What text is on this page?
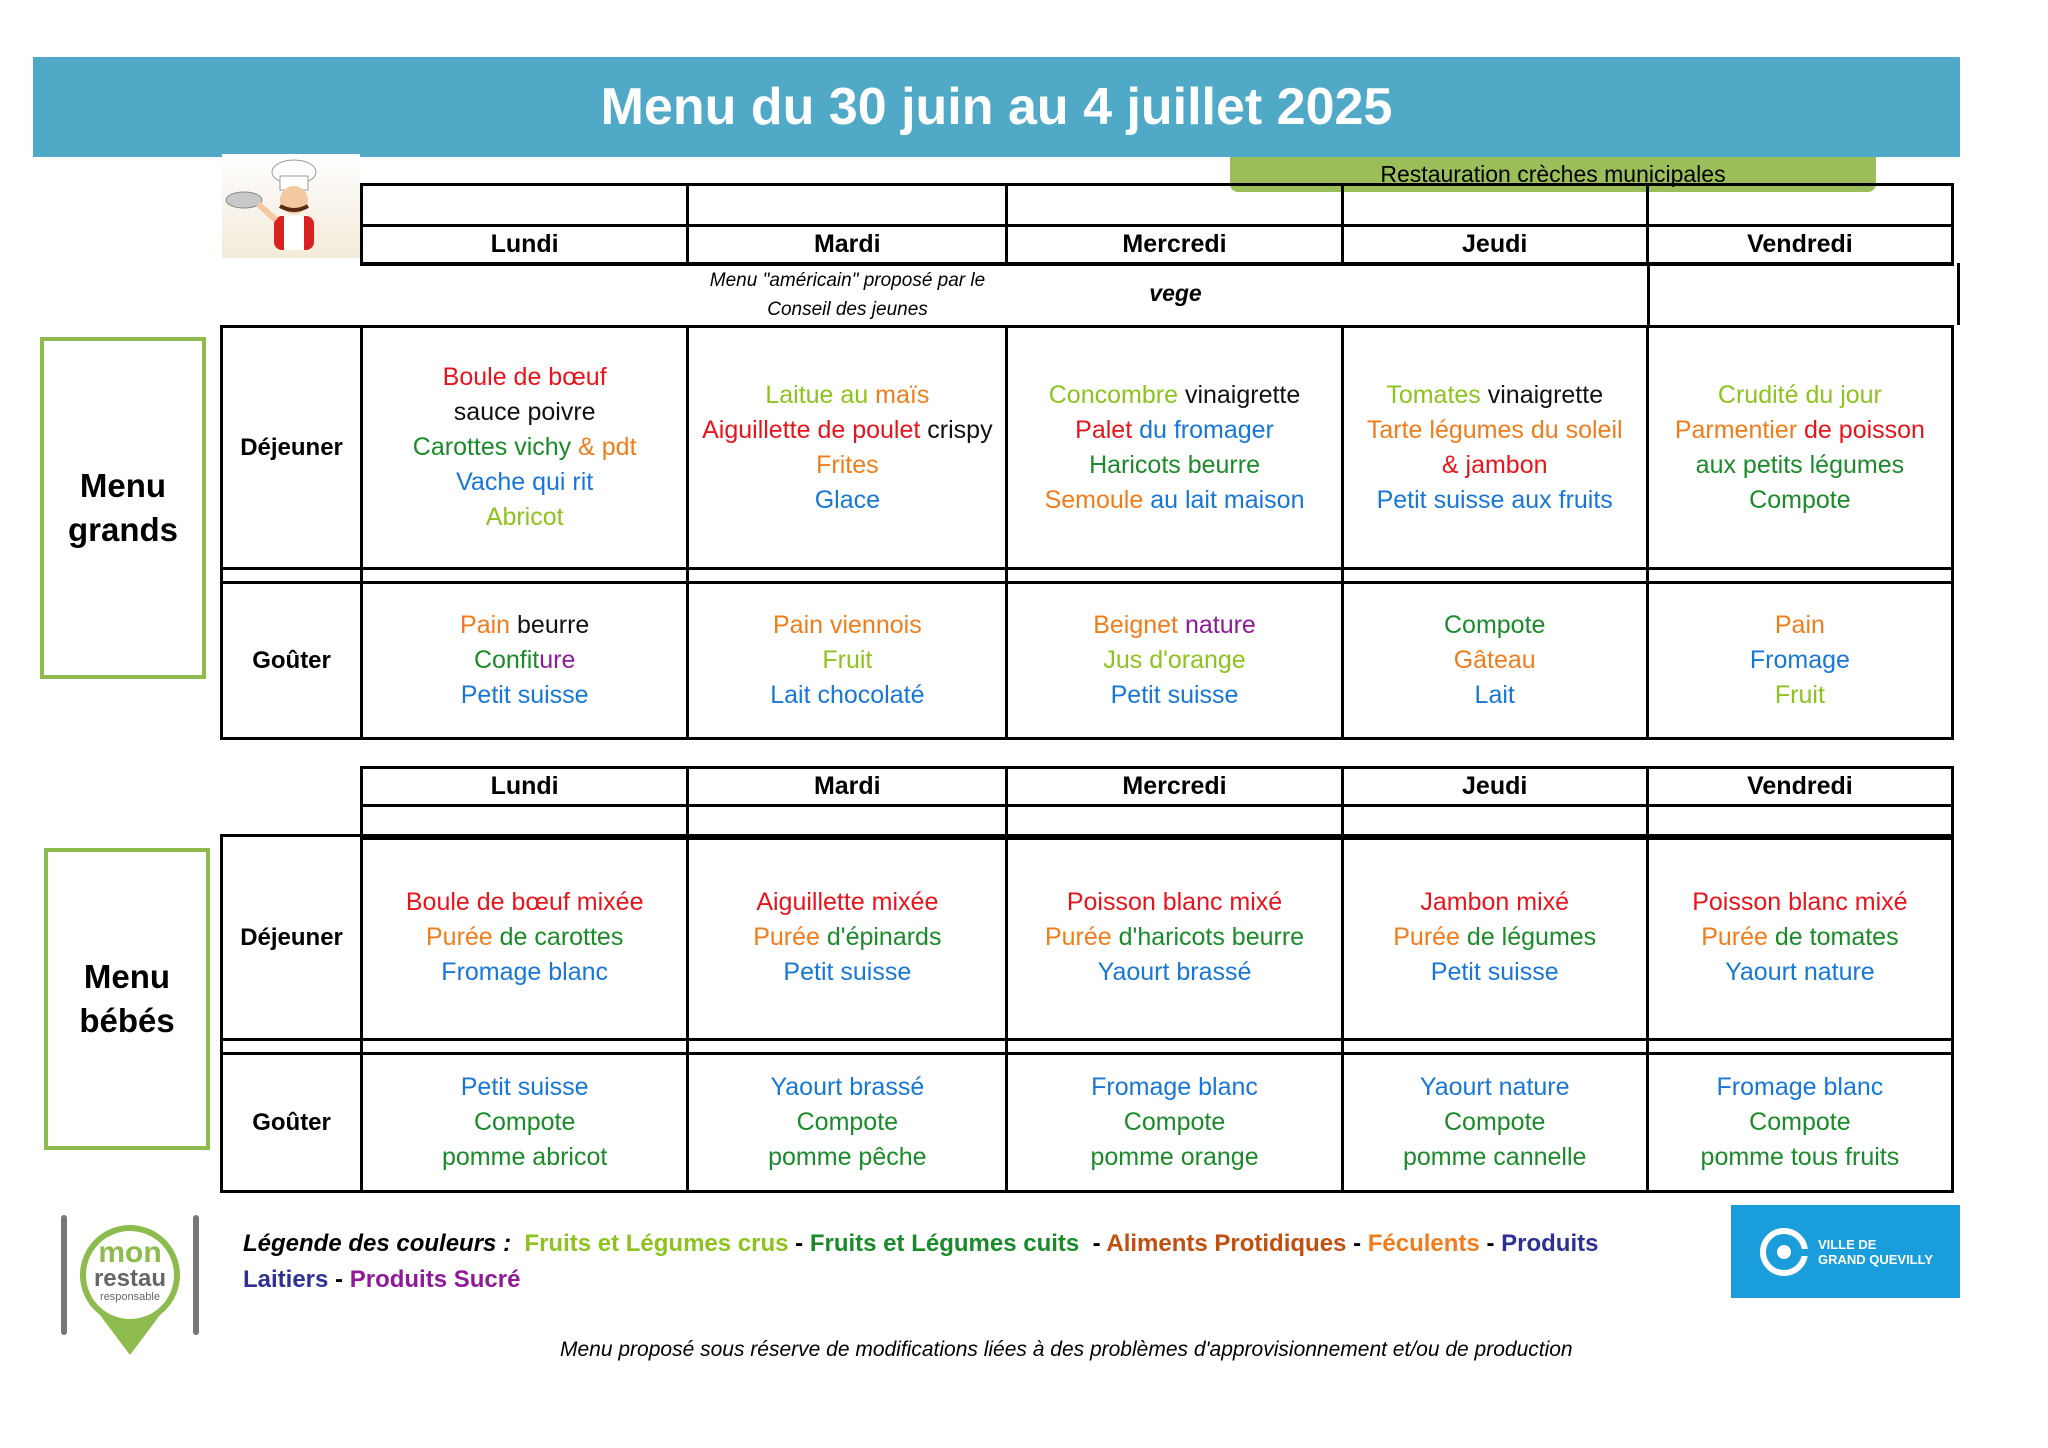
Menu du 30 juin au 4 juillet 2025
Restauration crèches municipales
Menu
grands
Menu
bébés

Lundi	Mardi	Mercredi	Jeudi	Vendredi
Menu "américain" proposé par le Conseil des jeunes
vege
Déjeuner	Boule de bœuf
sauce poivre
Carottes vichy & pdt
Vache qui rit
Abricot	Laitue au maïs
Aiguillette de poulet crispy
Frites
Glace	Concombre vinaigrette
Palet du fromager
Haricots beurre
Semoule au lait maison	Tomates vinaigrette
Tarte légumes du soleil
& jambon
Petit suisse aux fruits	Crudité du jour
Parmentier de poisson
aux petits légumes
Compote

Goûter	Pain beurre
Confiture
Petit suisse	Pain viennois
Fruit
Lait chocolaté	Beignet nature
Jus d'orange
Petit suisse	Compote
Gâteau
Lait	Pain
Fromage
Fruit
Lundi	Mardi	Mercredi	Jeudi	Vendredi

Déjeuner	Boule de bœuf mixée
Purée de carottes
Fromage blanc	Aiguillette mixée
Purée d'épinards
Petit suisse	Poisson blanc mixé
Purée d'haricots beurre
Yaourt brassé	Jambon mixé
Purée de légumes
Petit suisse	Poisson blanc mixé
Purée de tomates
Yaourt nature

Goûter	Petit suisse
Compote
pomme abricot	Yaourt brassé
Compote
pomme pêche	Fromage blanc
Compote
pomme orange	Yaourt nature
Compote
pomme cannelle	Fromage blanc
Compote
pomme tous fruits
mon
restau
responsable
Légende des couleurs : Fruits et Légumes crus - Fruits et Légumes cuits - Aliments Protidiques - Féculents - Produits Laitiers - Produits Sucré
VILLE DE
GRAND QUEVILLY
Menu proposé sous réserve de modifications liées à des problèmes d'approvisionnement et/ou de production
